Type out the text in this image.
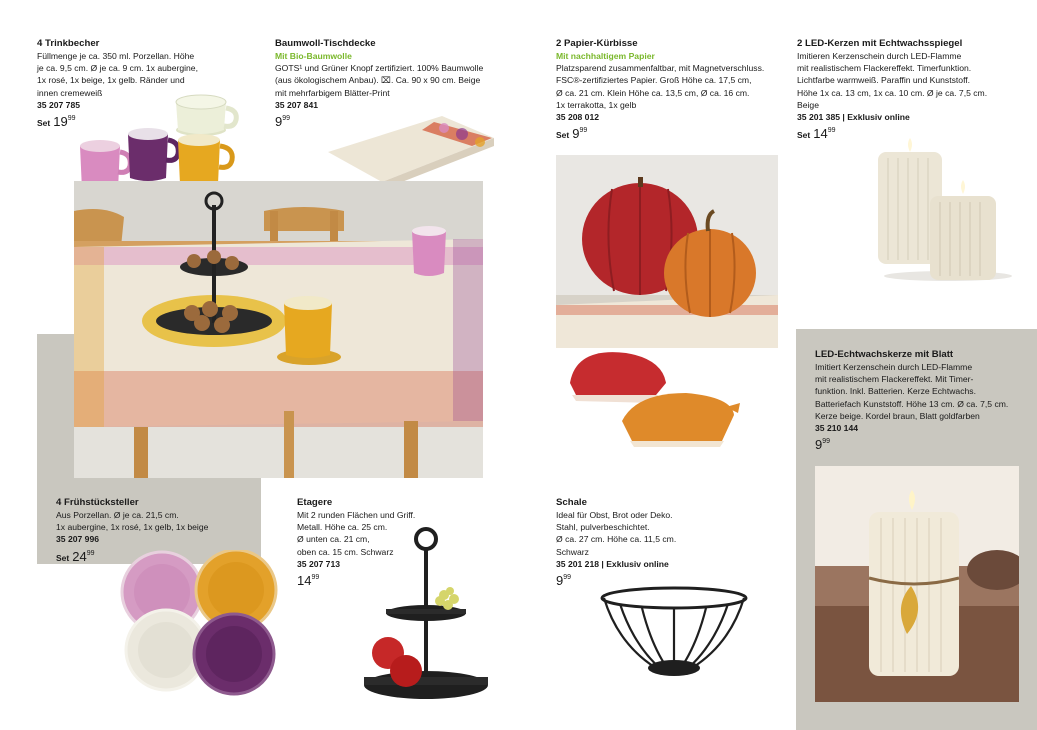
4 Trinkbecher
Füllmenge je ca. 350 ml. Porzellan. Höhe
je ca. 9,5 cm. Ø je ca. 9 cm. 1x aubergine,
1x rosé, 1x beige, 1x gelb. Ränder und
innen cremeweiß
35 207 785
Set $19^{99}$
Baumwoll-Tischdecke
Mit Bio-Baumwolle
GOTS¹ und Grüner Knopf zertifiziert. 100% Baumwolle
(aus ökologischem Anbau). ⌧. Ca. 90 x 90 cm. Beige
mit mehrfarbigem Blätter-Print
35 207 841
$9^{99}$
2 Papier-Kürbisse
Mit nachhaltigem Papier
Platzsparend zusammenfaltbar, mit Magnetverschluss.
FSC®-zertifiziertes Papier. Groß Höhe ca. 17,5 cm,
Ø ca. 21 cm. Klein Höhe ca. 13,5 cm, Ø ca. 16 cm.
1x terrakotta, 1x gelb
35 208 012
Set $9^{99}$
2 LED-Kerzen mit Echtwachsspiegel
Imitieren Kerzenschein durch LED-Flamme
mit realistischem Flackereffekt. Timerfunktion.
Lichtfarbe warmweiß. Paraffin und Kunststoff.
Höhe 1x ca. 13 cm, 1x ca. 10 cm. Ø je ca. 7,5 cm.
Beige
35 201 385 | Exklusiv online
Set $14^{99}$
LED-Echtwachskerze mit Blatt
Imitiert Kerzenschein durch LED-Flamme
mit realistischem Flackereffekt. Mit Timer-
funktion. Inkl. Batterien. Kerze Echtwachs.
Batteriefach Kunststoff. Höhe 13 cm. Ø ca. 7,5 cm.
Kerze beige. Kordel braun, Blatt goldfarben
35 210 144
$9^{99}$
4 Frühstücksteller
Aus Porzellan. Ø je ca. 21,5 cm.
1x aubergine, 1x rosé, 1x gelb, 1x beige
35 207 996
Set $24^{99}$
Etagere
Mit 2 runden Flächen und Griff.
Metall. Höhe ca. 25 cm.
Ø unten ca. 21 cm,
oben ca. 15 cm. Schwarz
35 207 713
$14^{99}$
Schale
Ideal für Obst, Brot oder Deko.
Stahl, pulverbeschichtet.
Ø ca. 27 cm. Höhe ca. 11,5 cm.
Schwarz
35 201 218 | Exklusiv online
$9^{99}$
